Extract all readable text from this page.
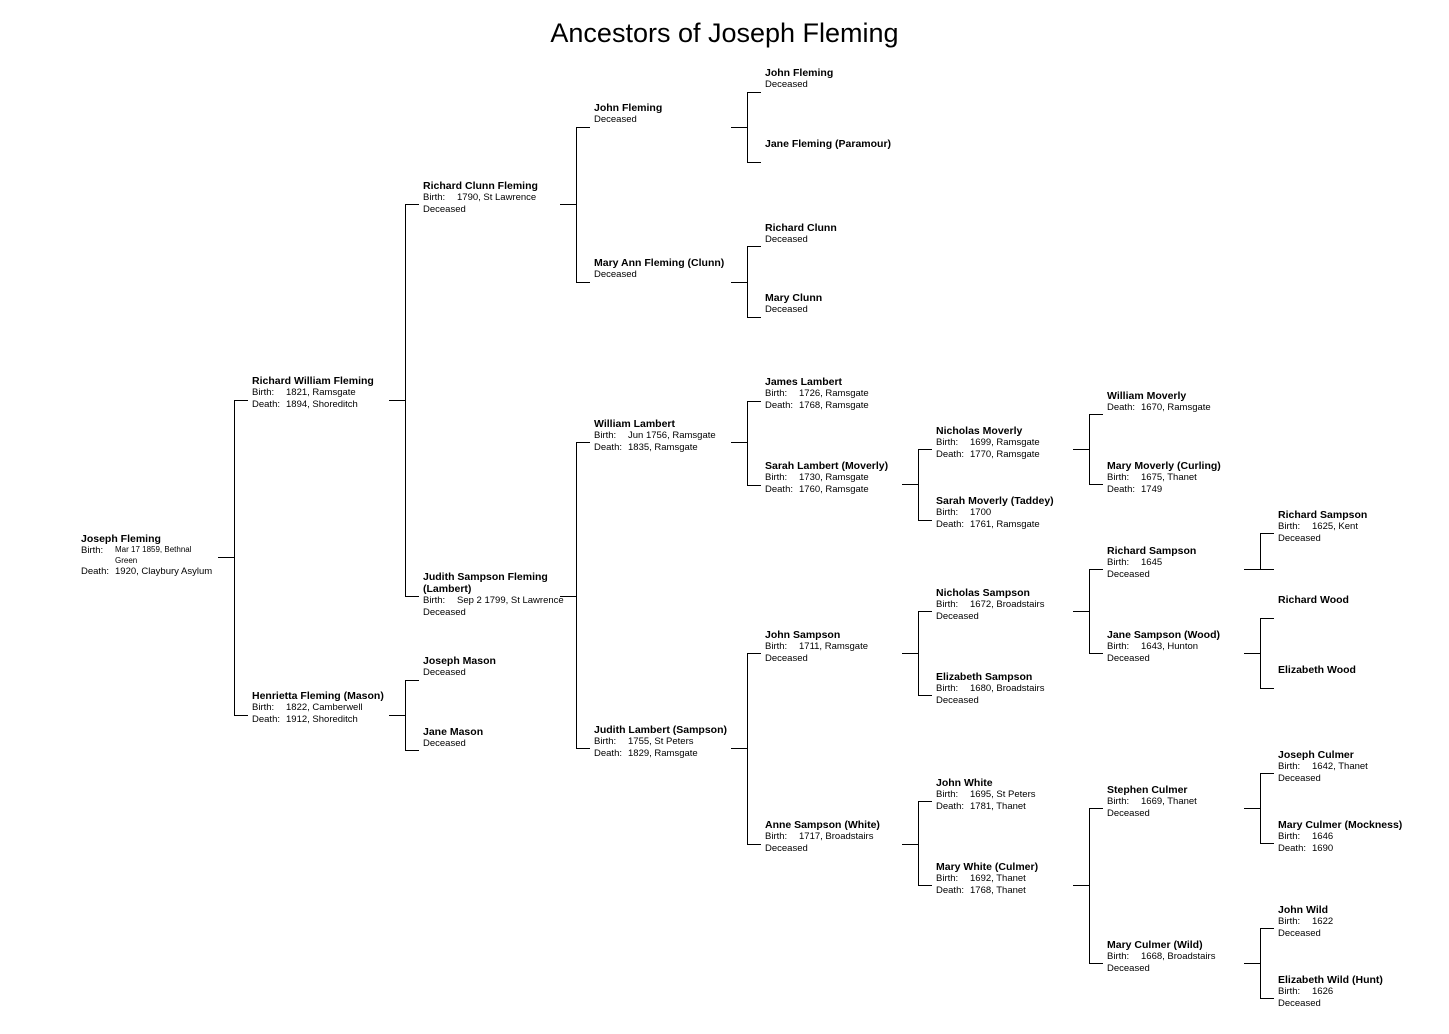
Ancestors of Joseph Fleming
Joseph Fleming
Birth: Mar 17 1859, Bethnal Green
Death: 1920, Claybury Asylum
Richard William Fleming
Birth: 1821, Ramsgate
Death: 1894, Shoreditch
Henrietta Fleming (Mason)
Birth: 1822, Camberwell
Death: 1912, Shoreditch
Richard Clunn Fleming
Birth: 1790, St Lawrence
Deceased
Judith Sampson Fleming (Lambert)
Birth: Sep 2 1799, St Lawrence
Deceased
Joseph Mason
Deceased
Jane Mason
Deceased
John Fleming
Deceased
Mary Ann Fleming (Clunn)
Deceased
William Lambert
Birth: Jun 1756, Ramsgate
Death: 1835, Ramsgate
Judith Lambert (Sampson)
Birth: 1755, St Peters
Death: 1829, Ramsgate
John Fleming
Deceased
Jane Fleming (Paramour)
Richard Clunn
Deceased
Mary Clunn
Deceased
James Lambert
Birth: 1726, Ramsgate
Death: 1768, Ramsgate
Sarah Lambert (Moverly)
Birth: 1730, Ramsgate
Death: 1760, Ramsgate
John Sampson
Birth: 1711, Ramsgate
Deceased
Anne Sampson (White)
Birth: 1717, Broadstairs
Deceased
Nicholas Moverly
Birth: 1699, Ramsgate
Death: 1770, Ramsgate
Sarah Moverly (Taddey)
Birth: 1700
Death: 1761, Ramsgate
Nicholas Sampson
Birth: 1672, Broadstairs
Deceased
Elizabeth Sampson
Birth: 1680, Broadstairs
Deceased
John White
Birth: 1695, St Peters
Death: 1781, Thanet
Mary White (Culmer)
Birth: 1692, Thanet
Death: 1768, Thanet
William Moverly
Death: 1670, Ramsgate
Mary Moverly (Curling)
Birth: 1675, Thanet
Death: 1749
Richard Sampson
Birth: 1645
Deceased
Jane Sampson (Wood)
Birth: 1643, Hunton
Deceased
Stephen Culmer
Birth: 1669, Thanet
Deceased
Mary Culmer (Wild)
Birth: 1668, Broadstairs
Deceased
Richard Sampson
Birth: 1625, Kent
Deceased
Richard Wood
Elizabeth Wood
Joseph Culmer
Birth: 1642, Thanet
Deceased
Mary Culmer (Mockness)
Birth: 1646
Death: 1690
John Wild
Birth: 1622
Deceased
Elizabeth Wild (Hunt)
Birth: 1626
Deceased
